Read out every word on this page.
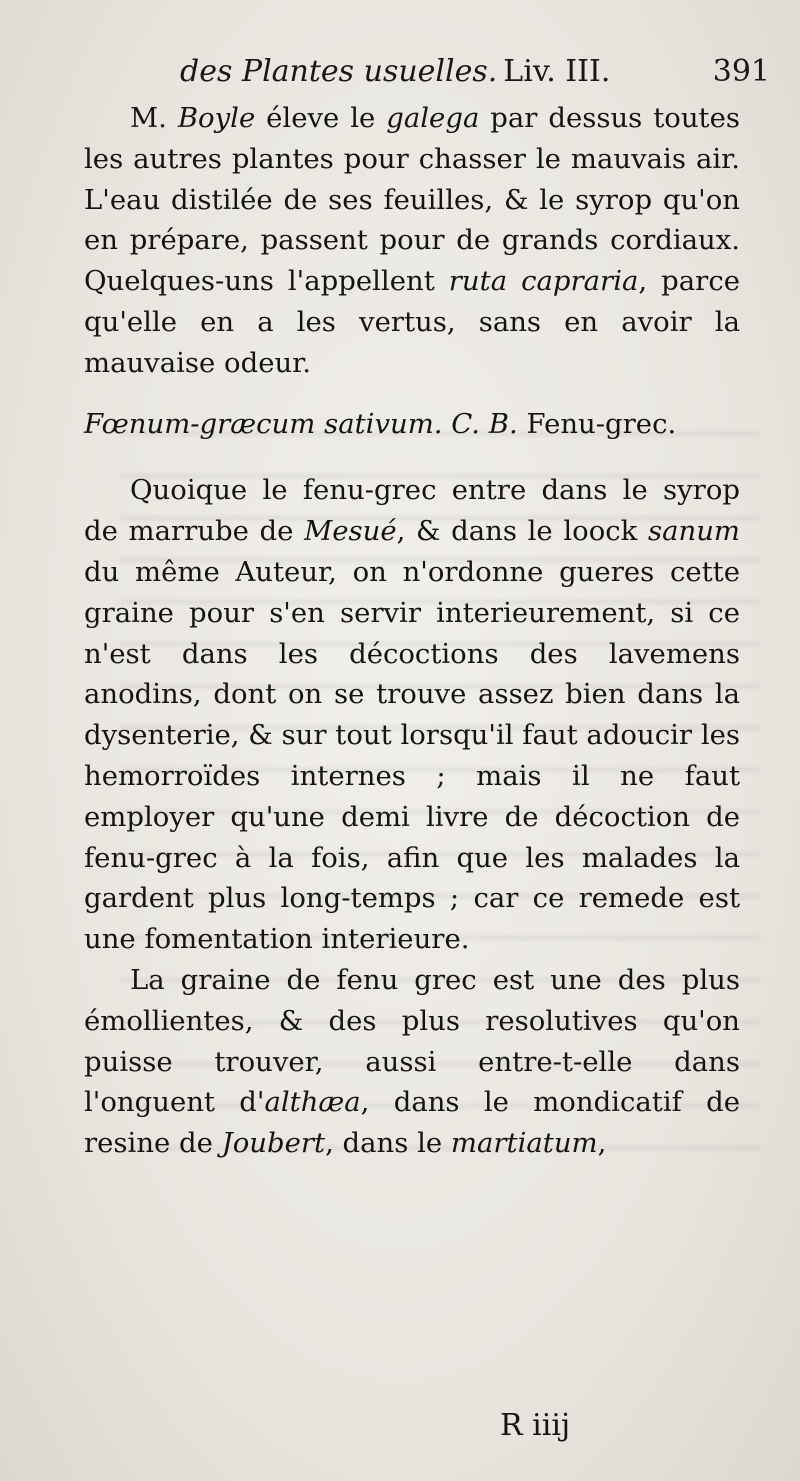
des Plantes usuelles. Liv. III.	391

M. Boyle éleve le galega par dessus toutes les autres plantes pour chasser le mauvais air. L'eau distilée de ses feuilles, & le syrop qu'on en prépare, passent pour de grands cordiaux. Quelques-uns l'appellent ruta capraria, parce qu'elle en a les vertus, sans en avoir la mauvaise odeur.

Fœnum-græcum sativum. C. B. Fenu-grec.

Quoique le fenu-grec entre dans le syrop de marrube de Mesué, & dans le loock sanum du même Auteur, on n'ordonne gueres cette graine pour s'en servir interieurement, si ce n'est dans les décoctions des lavemens anodins, dont on se trouve assez bien dans la dysenterie, & sur tout lorsqu'il faut adoucir les hemorroïdes internes ; mais il ne faut employer qu'une demi livre de décoction de fenu-grec à la fois, afin que les malades la gardent plus long-temps ; car ce remede est une fomentation interieure.

La graine de fenu grec est une des plus émollientes, & des plus resolutives qu'on puisse trouver, aussi entre-t-elle dans l'onguent d'althæa, dans le mondicatif de resine de Joubert, dans le martiatum,

R iiij
